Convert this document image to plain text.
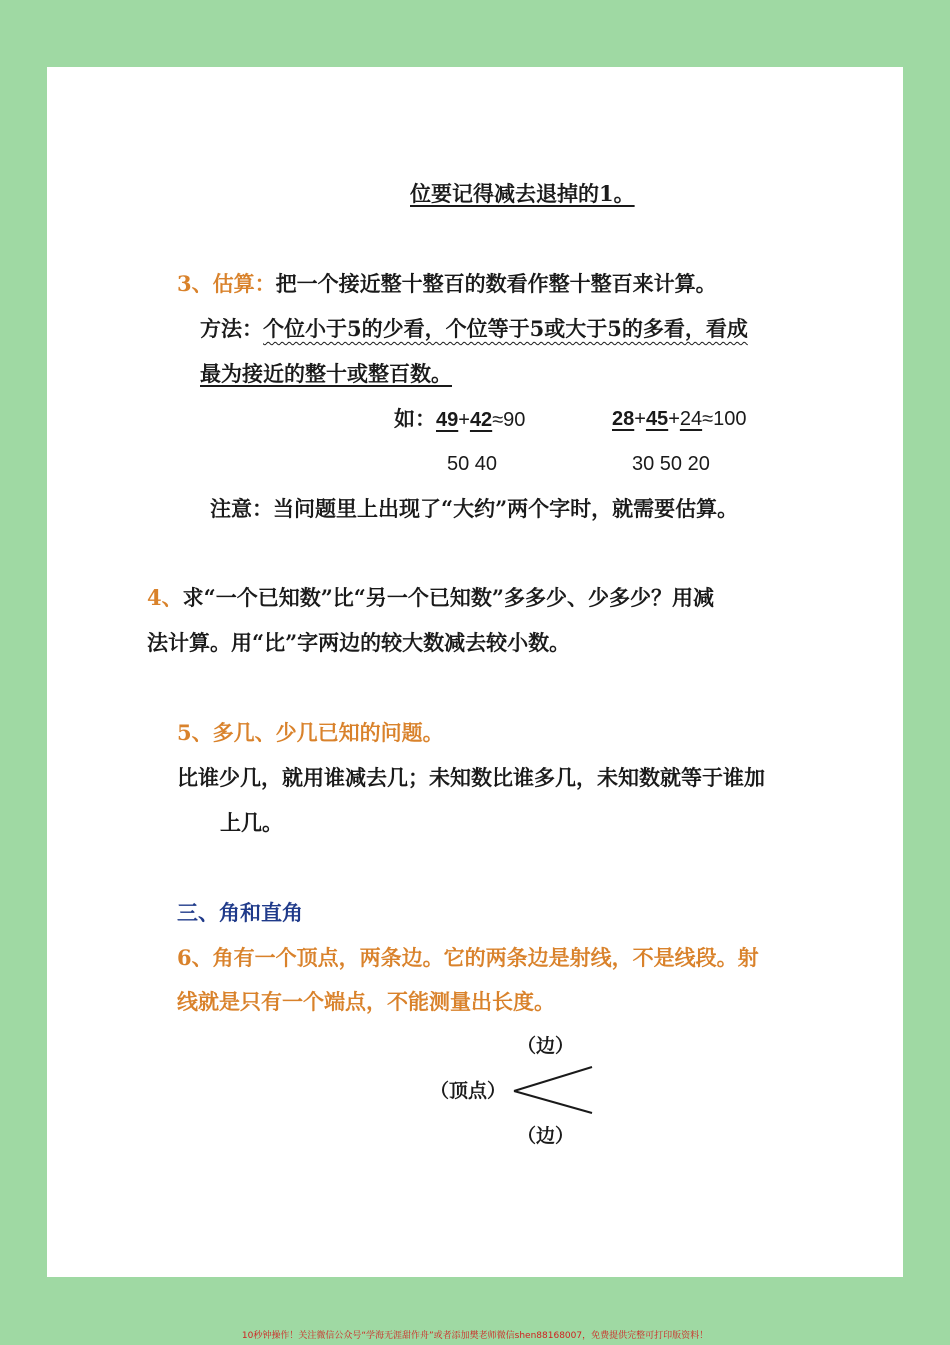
位要记得减去退掉的1。
3、估算：把一个接近整十整百的数看作整十整百来计算。
方法：个位小于5的少看，个位等于5或大于5的多看，看成
最为接近的整十或整百数。
如：49+42≈90
50 40
28+45+24≈100
30 50 20
注意：当问题里上出现了“大约”两个字时，就需要估算。
4、求“一个已知数”比“另一个已知数”多多少、少多少？用减
法计算。用“比”字两边的较大数减去较小数。
5、多几、少几已知的问题。
比谁少几，就用谁减去几；未知数比谁多几，未知数就等于谁加
上几。
三、角和直角
6、角有一个顶点，两条边。它的两条边是射线，不是线段。射
线就是只有一个端点，不能测量出长度。
（边）
（顶点）
（边）
10秒钟操作！关注微信公众号“学海无涯甜作舟”或者添加樊老师微信shen88168007，免费提供完整可打印版资料！
